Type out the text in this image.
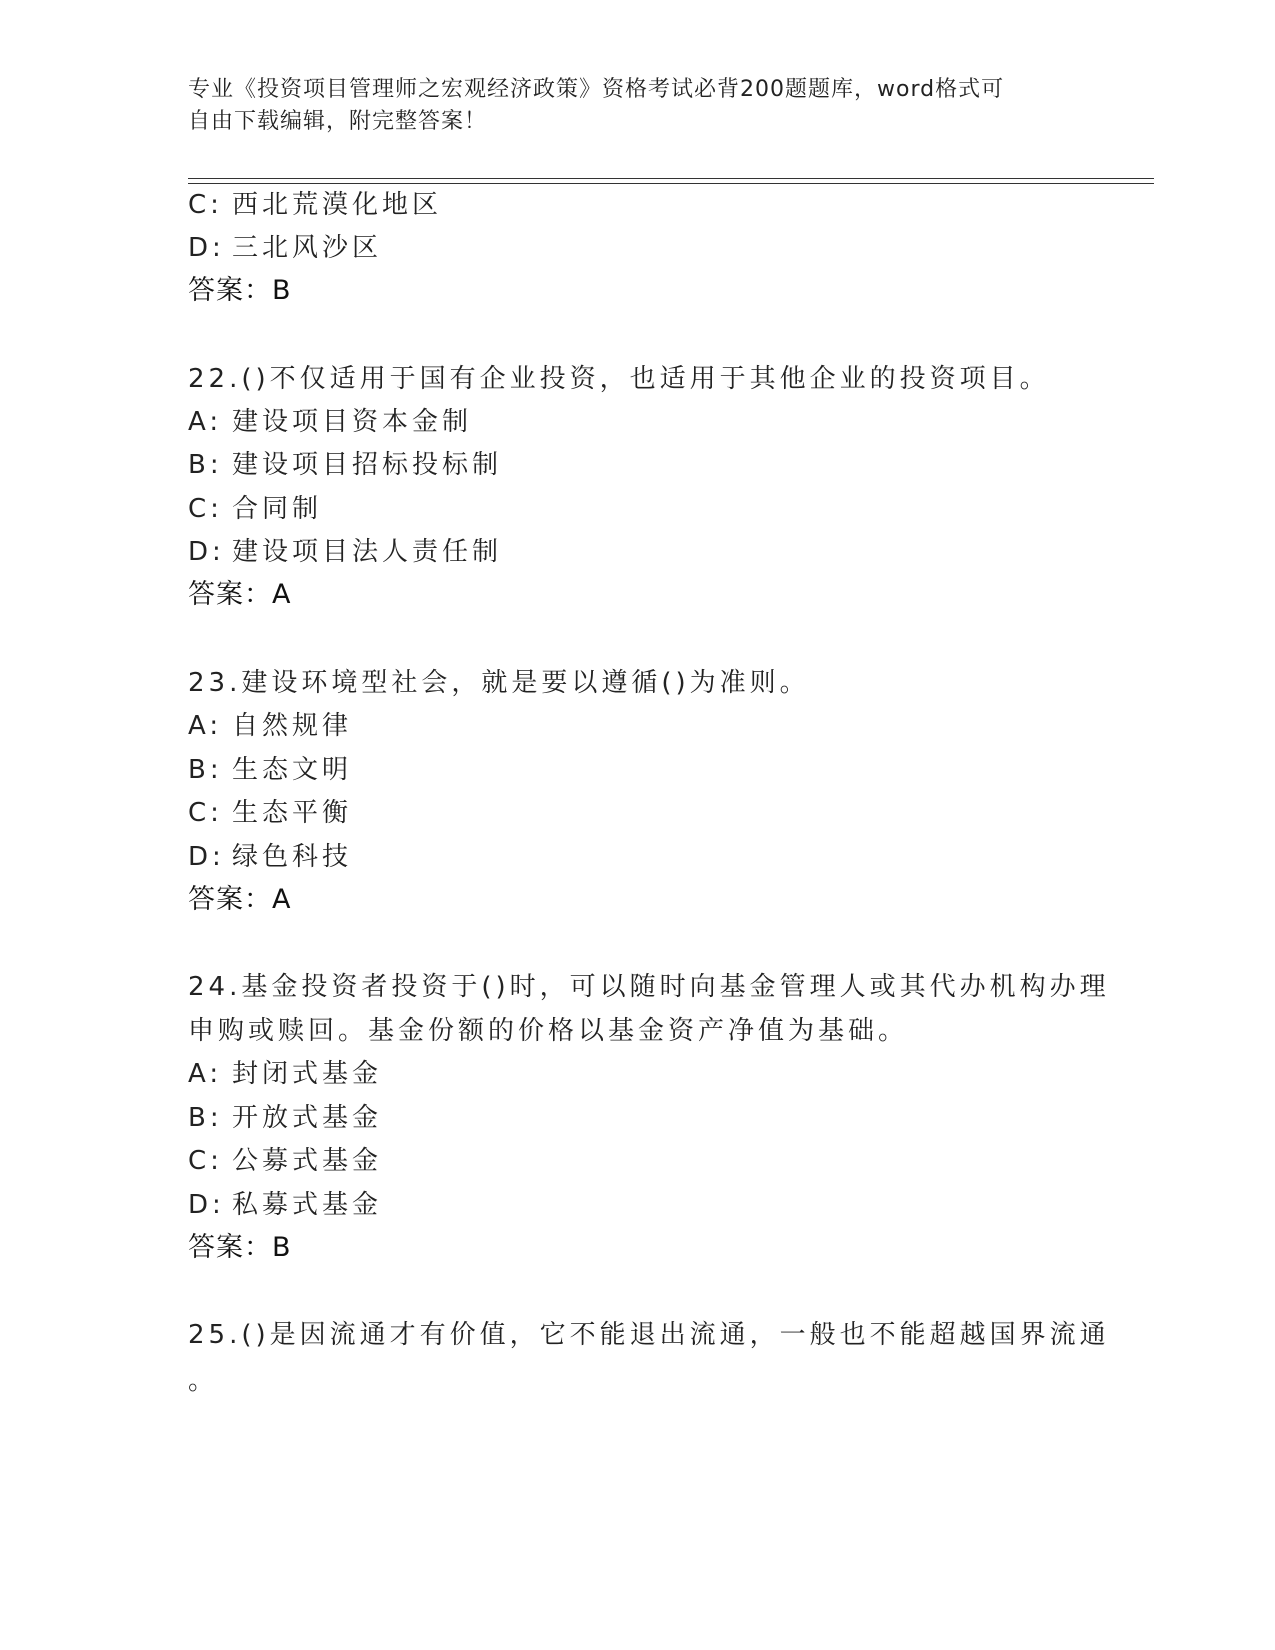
专业《投资项目管理师之宏观经济政策》资格考试必背200题题库，word格式可
自由下载编辑，附完整答案！
C: 西北荒漠化地区
D: 三北风沙区
答案：B
22.()不仅适用于国有企业投资，也适用于其他企业的投资项目。
A: 建设项目资本金制
B: 建设项目招标投标制
C: 合同制
D: 建设项目法人责任制
答案：A
23.建设环境型社会，就是要以遵循()为准则。
A: 自然规律
B: 生态文明
C: 生态平衡
D: 绿色科技
答案：A
24.基金投资者投资于()时，可以随时向基金管理人或其代办机构办理
申购或赎回。基金份额的价格以基金资产净值为基础。
A: 封闭式基金
B: 开放式基金
C: 公募式基金
D: 私募式基金
答案：B
25.()是因流通才有价值，它不能退出流通，一般也不能超越国界流通
。
